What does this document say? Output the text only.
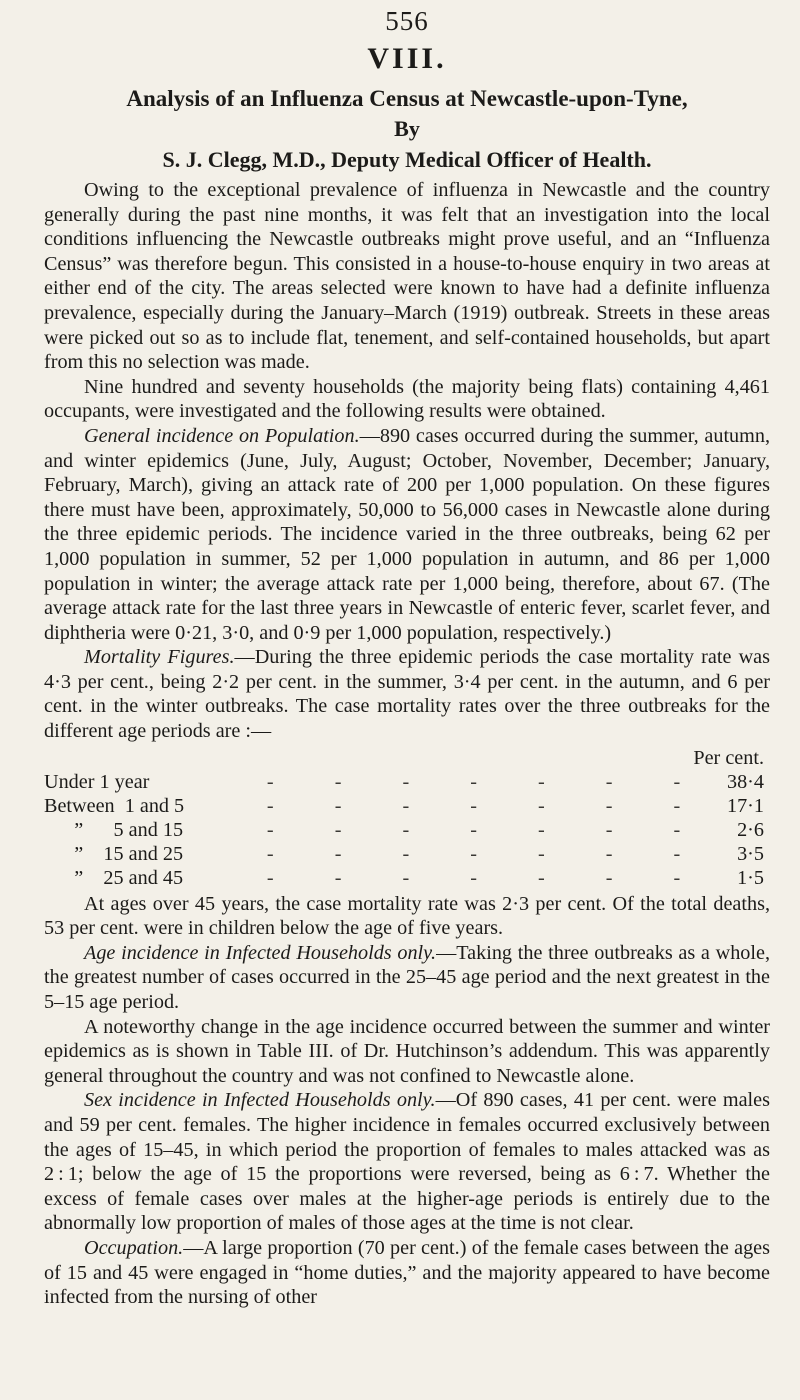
556
VIII.
Analysis of an Influenza Census at Newcastle-upon-Tyne,
By
S. J. Clegg, M.D., Deputy Medical Officer of Health.

Owing to the exceptional prevalence of influenza in Newcastle and the country generally during the past nine months, it was felt that an investigation into the local conditions influencing the Newcastle outbreaks might prove useful, and an “Influenza Census” was therefore begun. This consisted in a house-to-house enquiry in two areas at either end of the city. The areas selected were known to have had a definite influenza prevalence, especially during the January–March (1919) outbreak. Streets in these areas were picked out so as to include flat, tenement, and self-contained households, but apart from this no selection was made.

Nine hundred and seventy households (the majority being flats) containing 4,461 occupants, were investigated and the following results were obtained.

General incidence on Population.—890 cases occurred during the summer, autumn, and winter epidemics (June, July, August; October, November, December; January, February, March), giving an attack rate of 200 per 1,000 population. On these figures there must have been, approximately, 50,000 to 56,000 cases in Newcastle alone during the three epidemic periods. The incidence varied in the three outbreaks, being 62 per 1,000 population in summer, 52 per 1,000 population in autumn, and 86 per 1,000 population in winter; the average attack rate per 1,000 being, therefore, about 67. (The average attack rate for the last three years in Newcastle of enteric fever, scarlet fever, and diphtheria were 0·21, 3·0, and 0·9 per 1,000 population, respectively.)

Mortality Figures.—During the three epidemic periods the case mortality rate was 4·3 per cent., being 2·2 per cent. in the summer, 3·4 per cent. in the autumn, and 6 per cent. in the winter outbreaks. The case mortality rates over the three outbreaks for the different age periods are :—

Per cent.
Under 1 year	- - - - - - - 38·4
Between  1 and 5	- - - - - - - 17·1
”      5 and 15	- - - - - - -	2·6
”    15 and 25	- - - - - - -	3·5
”    25 and 45	- - - - - - -	1·5

At ages over 45 years, the case mortality rate was 2·3 per cent. Of the total deaths, 53 per cent. were in children below the age of five years.

Age incidence in Infected Households only.—Taking the three outbreaks as a whole, the greatest number of cases occurred in the 25–45 age period and the next greatest in the 5–15 age period.

A noteworthy change in the age incidence occurred between the summer and winter epidemics as is shown in Table III. of Dr. Hutchinson’s addendum. This was apparently general throughout the country and was not confined to Newcastle alone.

Sex incidence in Infected Households only.—Of 890 cases, 41 per cent. were males and 59 per cent. females. The higher incidence in females occurred exclusively between the ages of 15–45, in which period the proportion of females to males attacked was as 2 : 1; below the age of 15 the proportions were reversed, being as 6 : 7. Whether the excess of female cases over males at the higher-age periods is entirely due to the abnormally low proportion of males of those ages at the time is not clear.

Occupation.—A large proportion (70 per cent.) of the female cases between the ages of 15 and 45 were engaged in “home duties,” and the majority appeared to have become infected from the nursing of other
